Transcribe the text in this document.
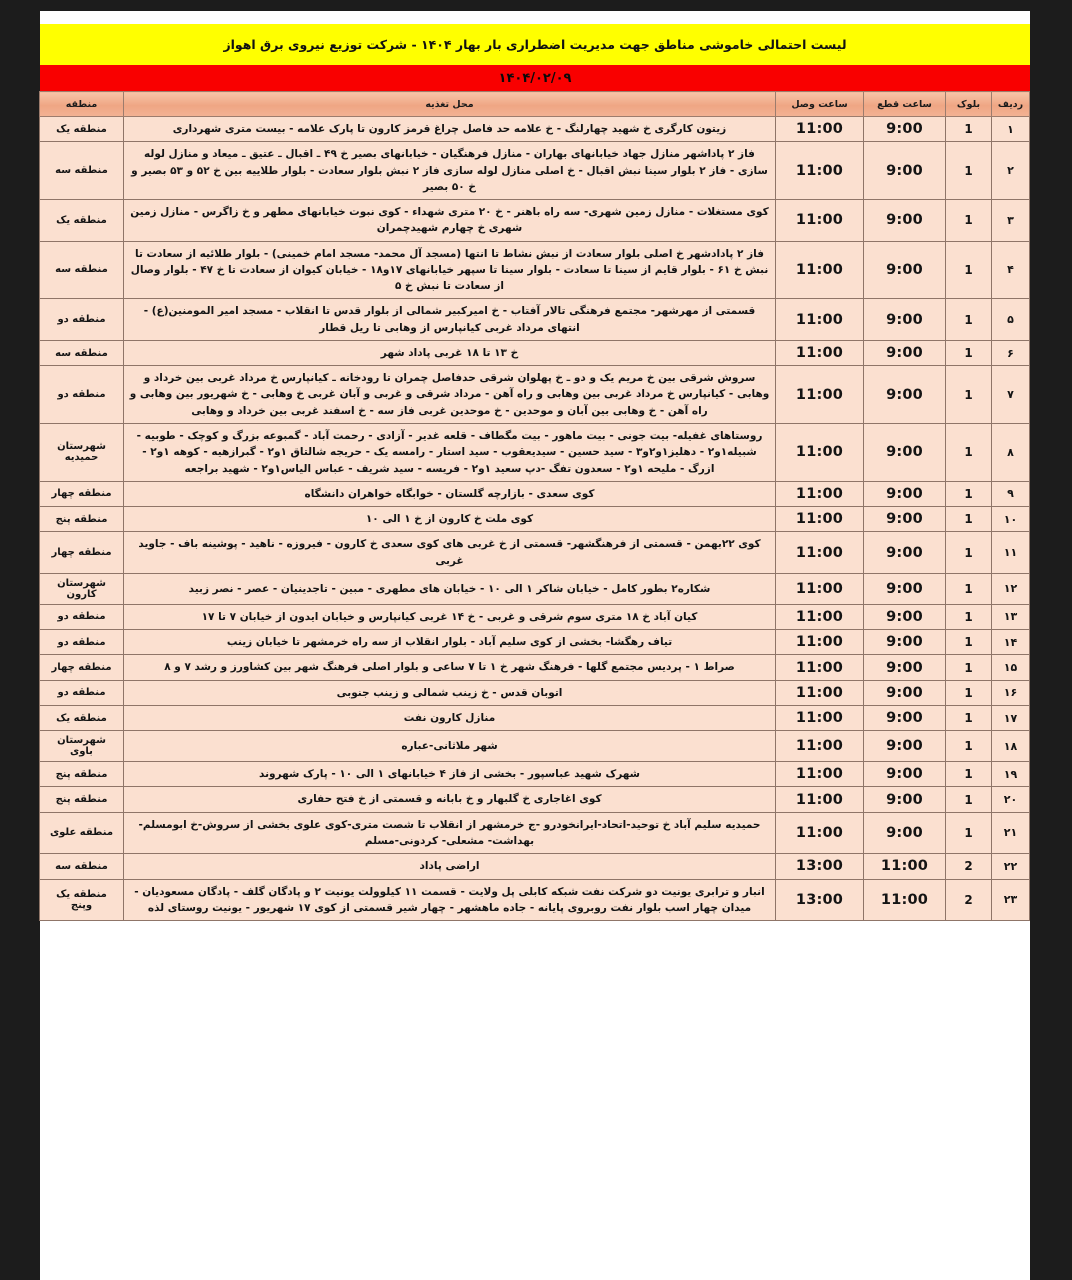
لیست احتمالی خاموشی مناطق جهت مدیریت اضطراری بار بهار ۱۴۰۴ - شرکت توزیع نیروی برق اهواز
۱۴۰۴/۰۲/۰۹
ردیف	بلوک	ساعت قطع	ساعت وصل	محل تغذیه	منطقه
۱	1	9:00	11:00	زیتون کارگری خ شهید چهارلنگ - خ علامه حد فاصل چراغ قرمز کارون تا پارک علامه - بیست متری شهرداری	منطقه یک
۲	1	9:00	11:00	فاز ۲ پاداشهر منازل جهاد خیابانهای بهاران - منازل فرهنگیان - خیابانهای بصیر خ ۴۹ ـ اقبال ـ عتیق ـ میعاد و منازل لوله سازی - فاز ۲ بلوار سینا نبش اقبال - خ اصلی منازل لوله سازی فاز ۲ نبش بلوار سعادت - بلوار طلاییه بین خ ۵۲ و ۵۳ بصیر و خ ۵۰ بصیر	منطقه سه
۳	1	9:00	11:00	کوی مستغلات - منازل زمین شهری- سه راه باهنر - خ ۲۰ متری شهداء - کوی نبوت خیابانهای مطهر و خ زاگرس - منازل زمین شهری خ چهارم شهیدچمران	منطقه یک
۴	1	9:00	11:00	فاز ۲ پادادشهر خ اصلی بلوار سعادت از نبش نشاط تا انتها (مسجد آل محمد- مسجد امام خمینی) - بلوار طلائیه از سعادت تا نبش خ ۶۱ - بلوار قایم از سینا تا سعادت - بلوار سینا تا سپهر خیابانهای ۱۷و۱۸ - خیابان کیوان از سعادت تا خ ۴۷ - بلوار وصال از سعادت تا نبش خ ۵	منطقه سه
۵	1	9:00	11:00	قسمتی از مهرشهر- مجتمع فرهنگی تالار آفتاب - خ امیرکبیر شمالی از بلوار قدس تا انقلاب - مسجد امیر المومنین(ع) - انتهای مرداد غربی کیانپارس از وهابی تا ریل قطار	منطقه دو
۶	1	9:00	11:00	خ ۱۳ تا ۱۸ غربی پاداد شهر	منطقه سه
۷	1	9:00	11:00	سروش شرقی بین خ مریم یک و دو ـ خ پهلوان شرقی حدفاصل چمران تا رودخانه ـ کیانپارس خ مرداد غربی بین خرداد و وهابی - کیانپارس خ مرداد غربی بین وهابی و راه آهن - مرداد شرقی و غربی و آبان غربی خ وهابی - خ شهریور بین وهابی و راه آهن - خ وهابی بین آبان و موحدین - خ موحدین غربی فاز سه - خ اسفند غربی بین خرداد و وهابی	منطقه دو
۸	1	9:00	11:00	روستاهای غفیله- بیت جونی - بیت ماهور - بیت مگطاف - قلعه غدیر - آزادی - رحمت آباد - گمبوعه بزرگ و کوچک - طوبیه - شبیله۱و۲ - دهلیز۱و۲و۳ - سید حسین - سیدیعقوب - سید استار - رامسه یک - حریجه شالتاق ۱و۲ - گبرازهیه - کوهه ۱و۲ - ازرگ - ملیحه ۱و۲ - سعدون تفگ -دپ سعید ۱و۲ - فریسه - سید شریف - عباس الیاس۱و۲ - شهید براجعه	شهرستان حمیدیه
۹	1	9:00	11:00	کوی سعدی - بازارچه گلستان - خوابگاه خواهران دانشگاه	منطقه چهار
۱۰	1	9:00	11:00	کوی ملت خ کارون از خ ۱ الی ۱۰	منطقه پنج
۱۱	1	9:00	11:00	کوی ۲۲بهمن - قسمتی از فرهنگشهر- قسمتی از خ غربی های کوی سعدی خ کارون - فیروزه - ناهید - پوشینه باف - جاوید غربی	منطقه چهار
۱۲	1	9:00	11:00	شکاره۲ بطور کامل - خیابان شاکر ۱ الی ۱۰ - خیابان های مطهری - مبین - تاجدینیان - عصر - نصر زبید	شهرستان کارون
۱۳	1	9:00	11:00	کیان آباد خ ۱۸ متری سوم شرقی و غربی - خ ۱۴ غربی کیانپارس و خیابان ایدون از خیابان ۷ تا ۱۷	منطقه دو
۱۴	1	9:00	11:00	تیاف رهگشا- بخشی از کوی سلیم آباد - بلوار انقلاب از سه راه خرمشهر تا خیابان زینب	منطقه دو
۱۵	1	9:00	11:00	صراط ۱ - پردیس مجتمع گلها - فرهنگ شهر خ ۱ تا ۷ ساعی و بلوار اصلی فرهنگ شهر بین کشاورز و رشد ۷ و ۸	منطقه چهار
۱۶	1	9:00	11:00	اتوبان قدس - خ زینب شمالی و زینب جنوبی	منطقه دو
۱۷	1	9:00	11:00	منازل کارون نفت	منطقه یک
۱۸	1	9:00	11:00	شهر ملاثانی-عباره	شهرستان باوی
۱۹	1	9:00	11:00	شهرک شهید عباسپور - بخشی از فاز ۴ خیابانهای ۱ الی ۱۰ - پارک شهروند	منطقه پنج
۲۰	1	9:00	11:00	کوی اغاجاری خ گلبهار و خ بابانه و قسمتی از خ فتح حفاری	منطقه پنج
۲۱	1	9:00	11:00	حمیدیه سلیم آباد خ توحید-اتحاد-ایرانخودرو -ج خرمشهر از انقلاب تا شصت متری-کوی علوی بخشی از سروش-خ ابومسلم- بهداشت- مشعلی- کردونی-مسلم	منطقه علوی
۲۲	2	11:00	13:00	اراضی پاداد	منطقه سه
۲۳	2	11:00	13:00	انبار و ترابری یونیت دو شرکت نفت شبکه کابلی پل ولایت - قسمت ۱۱ کیلوولت یونیت ۲ و پادگان گلف - پادگان مسعودیان - میدان چهار اسب بلوار نفت روبروی پایانه - جاده ماهشهر - چهار شیر قسمتی از کوی ۱۷ شهریور - یونیت روستای لذه	منطقه یک وپنج
